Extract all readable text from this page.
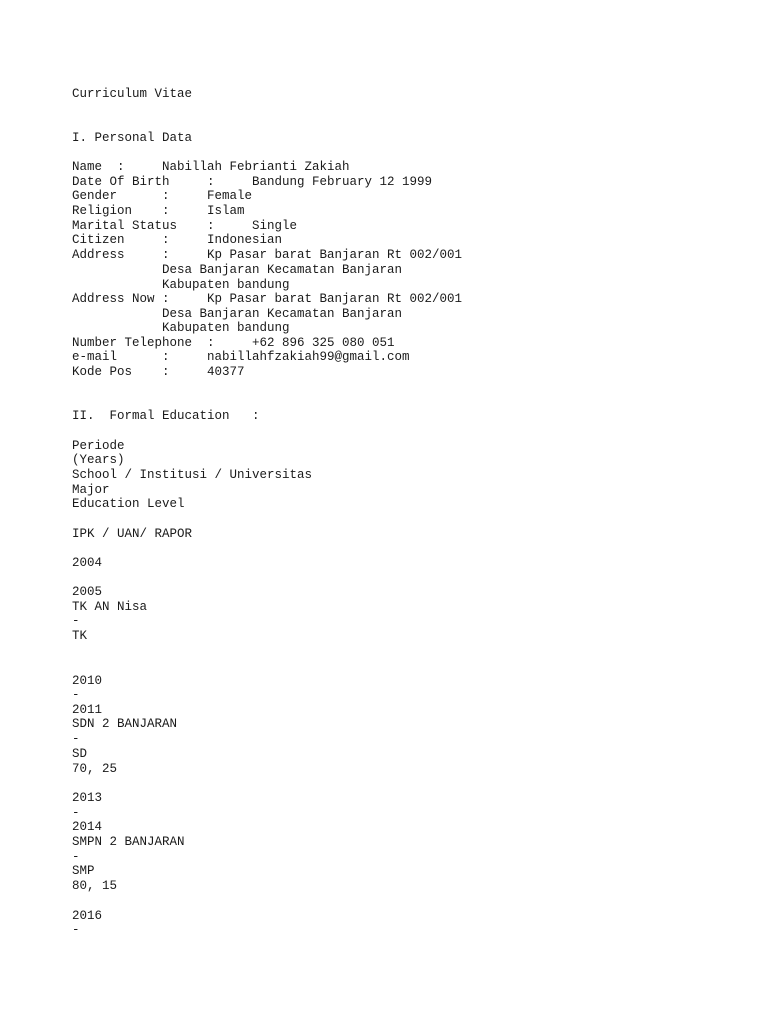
Curriculum Vitae

I. Personal Data

Name  :     Nabillah Febrianti Zakiah

Date Of Birth     :     Bandung February 12 1999

Gender      :     Female

Religion    :     Islam

Marital Status    :     Single

Citizen     :     Indonesian

Address     :     Kp Pasar barat Banjaran Rt 002/001

Desa Banjaran Kecamatan Banjaran

Kabupaten bandung

Address Now :     Kp Pasar barat Banjaran Rt 002/001

Desa Banjaran Kecamatan Banjaran

Kabupaten bandung

Number Telephone  :     +62 896 325 080 051

e-mail      :     nabillahfzakiah99@gmail.com

Kode Pos    :     40377

II.  Formal Education   :

Periode

(Years)

School / Institusi / Universitas

Major

Education Level

IPK / UAN/ RAPOR

2004

2005

TK AN Nisa

-

TK

2010

-

2011

SDN 2 BANJARAN

-

SD

70, 25

2013

-

2014

SMPN 2 BANJARAN

-

SMP

80, 15

2016

-
